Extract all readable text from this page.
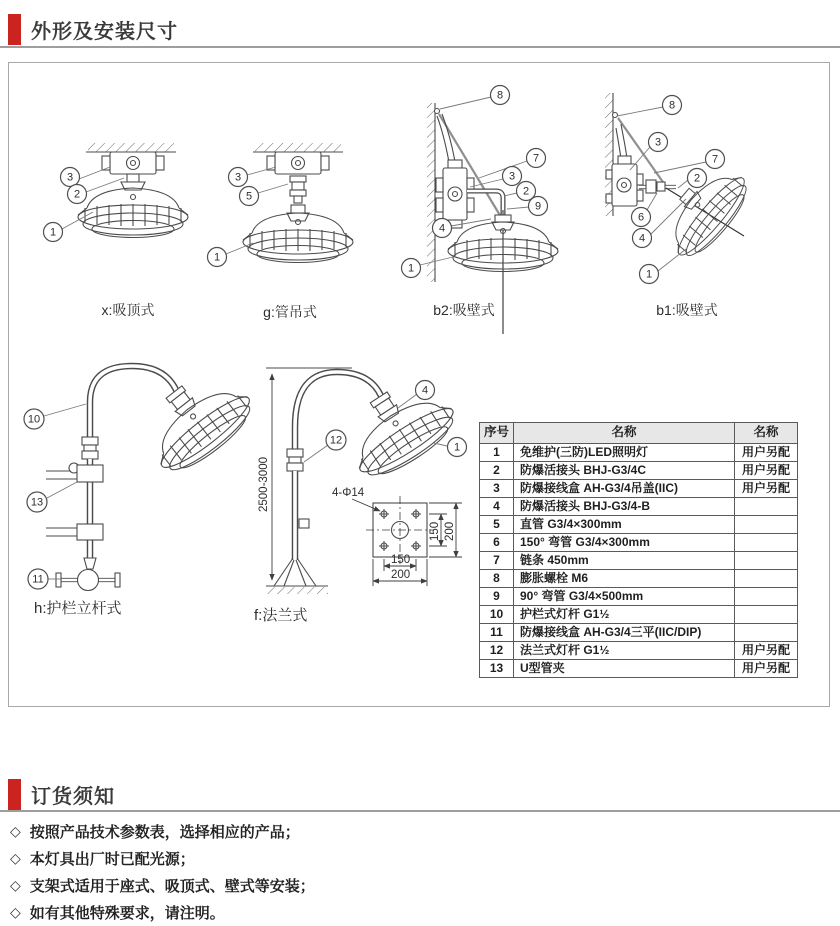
外形及安装尺寸
3
2
1
3
5
1
8
7
3
2
9
4
1
8
3
7
2
6
4
1
10
13
11
2500-3000
4
12
1
4-Φ14
150 200
150
200
x:吸顶式	g:管吊式	b2:吸壁式	b1:吸壁式
h:护栏立杆式	f:法兰式
序号	名称	名称
1	免维护(三防)LED照明灯	用户另配
2	防爆活接头 BHJ-G3/4C	用户另配
3	防爆接线盒 AH-G3/4吊盖(IIC)	用户另配
4	防爆活接头 BHJ-G3/4-B	
5	直管 G3/4×300mm	
6	150° 弯管 G3/4×300mm	
7	链条 450mm	
8	膨胀螺栓 M6	
9	90° 弯管 G3/4×500mm	
10	护栏式灯杆 G1½	
11	防爆接线盒 AH-G3/4三平(IIC/DIP)	
12	法兰式灯杆 G1½	用户另配
13	U型管夹	用户另配
订货须知
◇ 按照产品技术参数表，选择相应的产品；
◇ 本灯具出厂时已配光源；
◇ 支架式适用于座式、吸顶式、壁式等安装；
◇ 如有其他特殊要求，请注明。
